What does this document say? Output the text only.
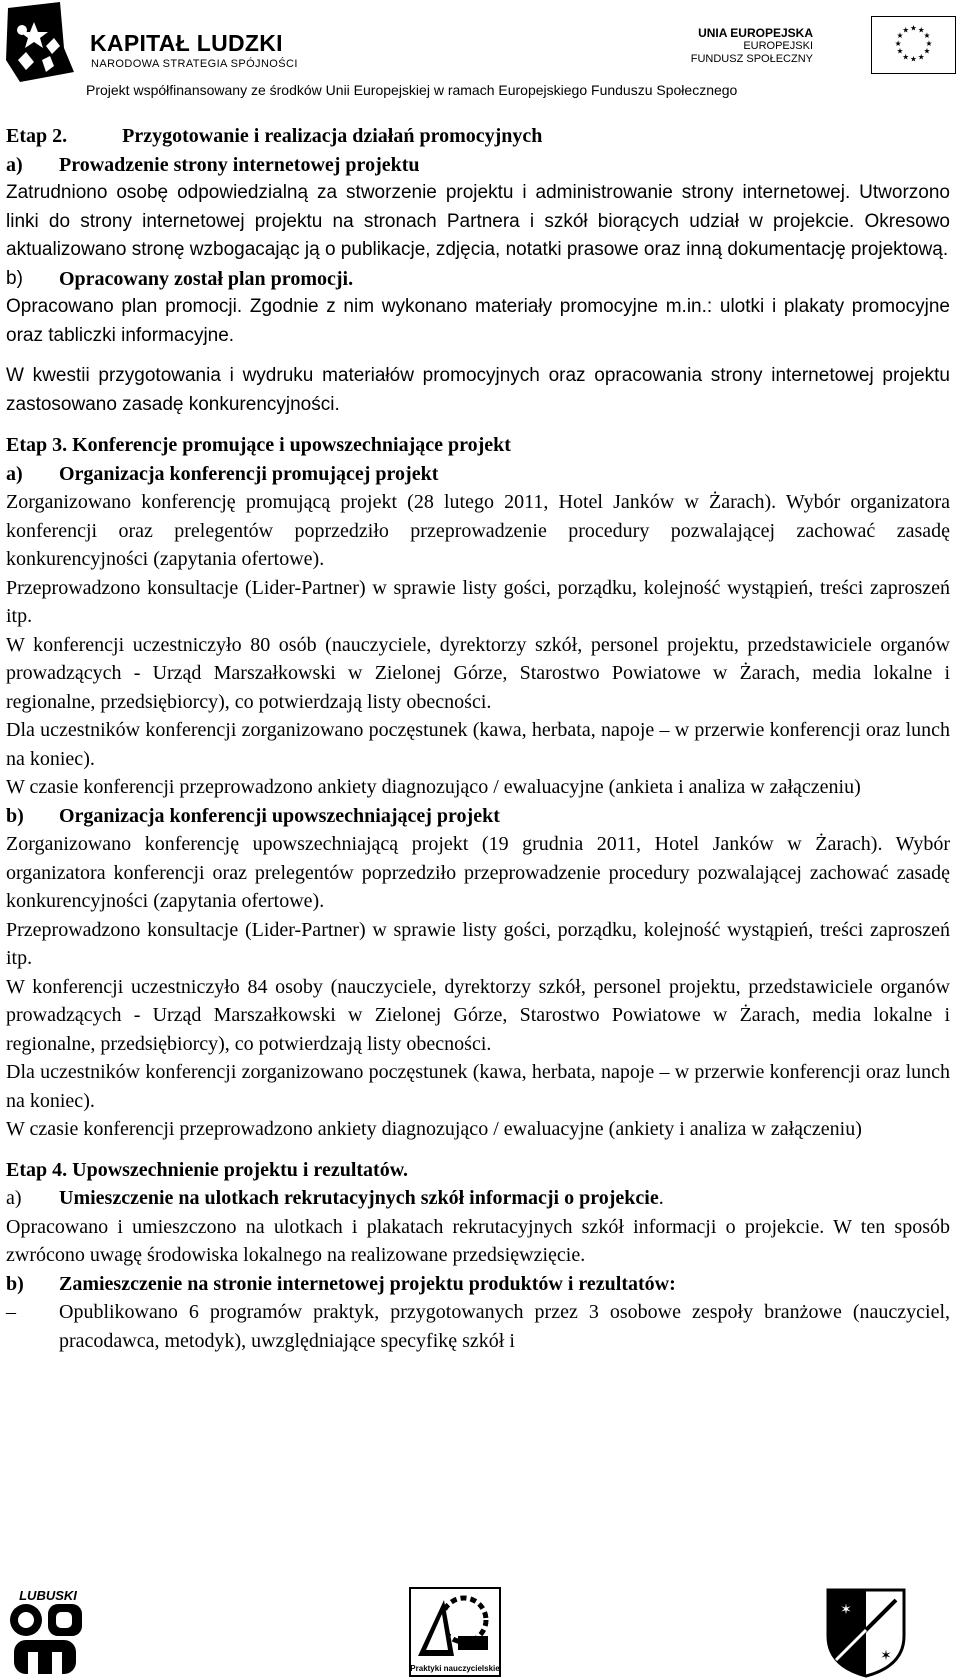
KAPITAŁ LUDZKI
NARODOWA STRATEGIA SPÓJNOŚCI
UNIA EUROPEJSKA
EUROPEJSKI
FUNDUSZ SPOŁECZNY
★ ★
★
★
★
★
★
★
★
★
★
★
Projekt współfinansowany ze środków Unii Europejskiej w ramach Europejskiego Funduszu Społecznego

Etap 2.	Przygotowanie i realizacja działań promocyjnych

a)	Prowadzenie strony internetowej projektu

Zatrudniono osobę odpowiedzialną za stworzenie projektu i administrowanie strony internetowej. Utworzono linki do strony internetowej projektu na stronach Partnera i szkół biorących udział w projekcie. Okresowo aktualizowano stronę wzbogacając ją o publikacje, zdjęcia, notatki prasowe oraz inną dokumentację projektową.

b)	Opracowany został plan promocji.

Opracowano plan promocji. Zgodnie z nim wykonano materiały promocyjne m.in.: ulotki i plakaty promocyjne oraz tabliczki informacyjne.

W kwestii przygotowania i wydruku materiałów promocyjnych oraz opracowania strony internetowej projektu zastosowano zasadę konkurencyjności.

Etap 3. Konferencje promujące i upowszechniające projekt

a)	Organizacja konferencji promującej projekt

Zorganizowano konferencję promującą projekt (28 lutego 2011, Hotel Janków w Żarach). Wybór organizatora konferencji oraz prelegentów poprzedziło przeprowadzenie procedury pozwalającej zachować zasadę konkurencyjności (zapytania ofertowe).

Przeprowadzono konsultacje (Lider-Partner) w sprawie listy gości, porządku, kolejność wystąpień, treści zaproszeń itp.

W konferencji uczestniczyło 80 osób (nauczyciele, dyrektorzy szkół, personel projektu, przedstawiciele organów prowadzących - Urząd Marszałkowski w Zielonej Górze, Starostwo Powiatowe w Żarach, media lokalne i regionalne, przedsiębiorcy), co potwierdzają listy obecności.

Dla uczestników konferencji zorganizowano poczęstunek (kawa, herbata, napoje – w przerwie konferencji oraz lunch na koniec).

W czasie konferencji przeprowadzono ankiety diagnozująco / ewaluacyjne (ankieta i analiza w załączeniu)

b)	Organizacja konferencji upowszechniającej projekt

Zorganizowano konferencję upowszechniającą projekt (19 grudnia 2011, Hotel Janków w Żarach). Wybór organizatora konferencji oraz prelegentów poprzedziło przeprowadzenie procedury pozwalającej zachować zasadę konkurencyjności (zapytania ofertowe).

Przeprowadzono konsultacje (Lider-Partner) w sprawie listy gości, porządku, kolejność wystąpień, treści zaproszeń itp.

W konferencji uczestniczyło 84 osoby (nauczyciele, dyrektorzy szkół, personel projektu, przedstawiciele organów prowadzących - Urząd Marszałkowski w Zielonej Górze, Starostwo Powiatowe w Żarach, media lokalne i regionalne, przedsiębiorcy), co potwierdzają listy obecności.

Dla uczestników konferencji zorganizowano poczęstunek (kawa, herbata, napoje – w przerwie konferencji oraz lunch na koniec).

W czasie konferencji przeprowadzono ankiety diagnozująco / ewaluacyjne (ankiety i analiza w załączeniu)

Etap 4. Upowszechnienie projektu i rezultatów.

a)	Umieszczenie na ulotkach rekrutacyjnych szkół informacji o projekcie.

Opracowano i umieszczono na ulotkach i plakatach rekrutacyjnych szkół informacji o projekcie. W ten sposób zwrócono uwagę środowiska lokalnego na realizowane przedsięwzięcie.

b)	Zamieszczenie na stronie internetowej projektu produktów i rezultatów:
–	Opublikowano 6 programów praktyk, przygotowanych przez 3 osobowe zespoły branżowe (nauczyciel, pracodawca, metodyk), uwzględniające specyfikę szkół i
LUBUSKI
Praktyki nauczycielskie
✶
✶
